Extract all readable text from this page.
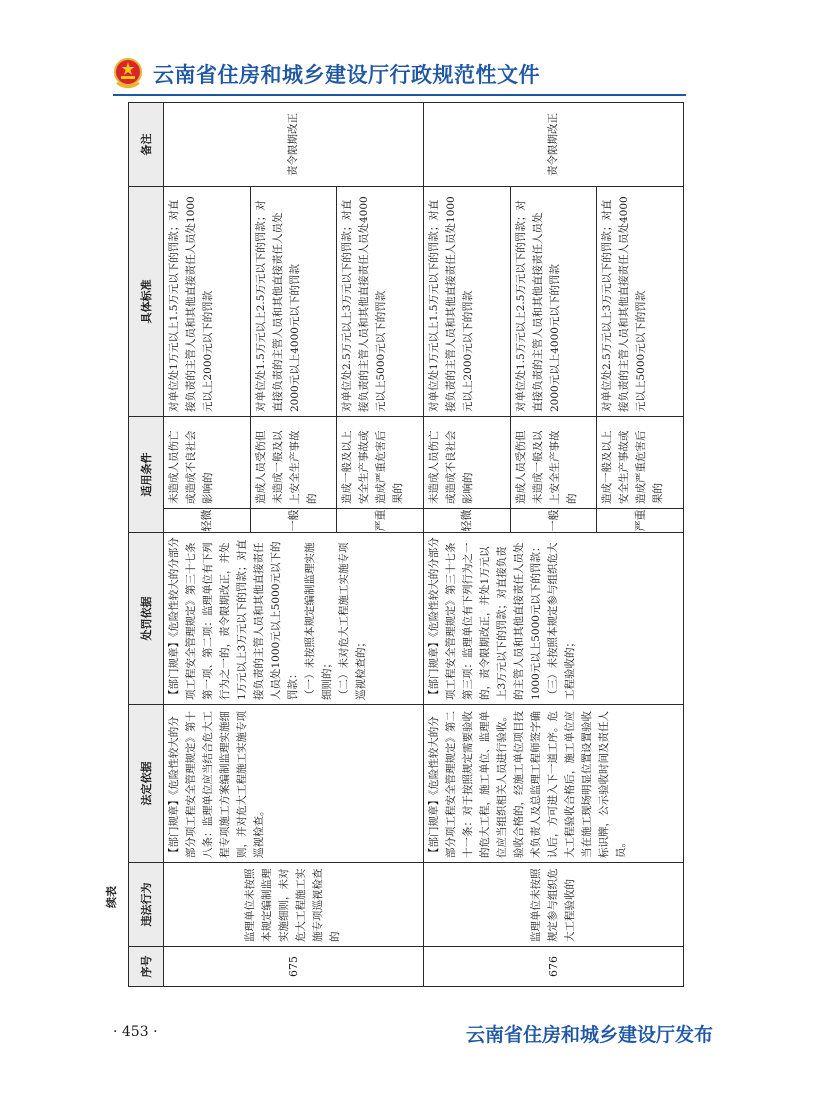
云南省住房和城乡建设厅行政规范性文件
续表
序号	违法行为	法定依据	处罚依据	适用条件		具体标准	备注
675	监理单位未按照本规定编制监理实施细则，未对危大工程施工实施专项巡视检查的	【部门规章】《危险性较大的分部分项工程安全管理规定》第十八条：监理单位应当结合危大工程专项施工方案编制监理实施细则，并对危大工程施工实施专项巡视检查。	【部门规章】《危险性较大的分部分项工程安全管理规定》第三十七条第一项、第二项：监理单位有下列行为之一的，责令限期改正，并处1万元以上3万元以下的罚款；对直接负责的主管人员和其他直接责任人员处1000元以上5000元以下的罚款： （一）未按照本规定编制监理实施细则的； （二）未对危大工程施工实施专项巡视检查的；	轻微	未造成人员伤亡或造成不良社会影响的	对单位处1万元以上1.5万元以下的罚款；对直接负责的主管人员和其他直接责任人员处1000元以上2000元以下的罚款	责令限期改正
				一般	造成人员受伤但未造成一般及以上安全生产事故的	对单位处1.5万元以上2.5万元以下的罚款；对直接负责的主管人员和其他直接责任人员处2000元以上4000元以下的罚款	
				严重	造成一般及以上安全生产事故或造成严重危害后果的	对单位处2.5万元以上3万元以下的罚款；对直接负责的主管人员和其他直接责任人员处4000元以上5000元以下的罚款	
676	监理单位未按照规定参与组织危大工程验收的	【部门规章】《危险性较大的分部分项工程安全管理规定》第二十一条：对于按照规定需要验收的危大工程，施工单位、监理单位应当组织相关人员进行验收。验收合格的，经施工单位项目技术负责人及总监理工程师签字确认后，方可进入下一道工序。危大工程验收合格后，施工单位应当在施工现场明显位置设置验收标识牌，公示验收时间及责任人员。	【部门规章】《危险性较大的分部分项工程安全管理规定》第三十七条第三项：监理单位有下列行为之一的，责令限期改正，并处1万元以上3万元以下的罚款；对直接负责的主管人员和其他直接责任人员处1000元以上5000元以下的罚款： （三）未按照本规定参与组织危大工程验收的；	轻微	未造成人员伤亡或造成不良社会影响的	对单位处1万元以上1.5万元以下的罚款；对直接负责的主管人员和其他直接责任人员处1000元以上2000元以下的罚款	责令限期改正
				一般	造成人员受伤但未造成一般及以上安全生产事故的	对单位处1.5万元以上2.5万元以下的罚款；对直接负责的主管人员和其他直接责任人员处2000元以上4000元以下的罚款	
				严重	造成一般及以上安全生产事故或造成严重危害后果的	对单位处2.5万元以上3万元以下的罚款；对直接负责的主管人员和其他直接责任人员处4000元以上5000元以下的罚款	
· 453 ·	云南省住房和城乡建设厅发布
